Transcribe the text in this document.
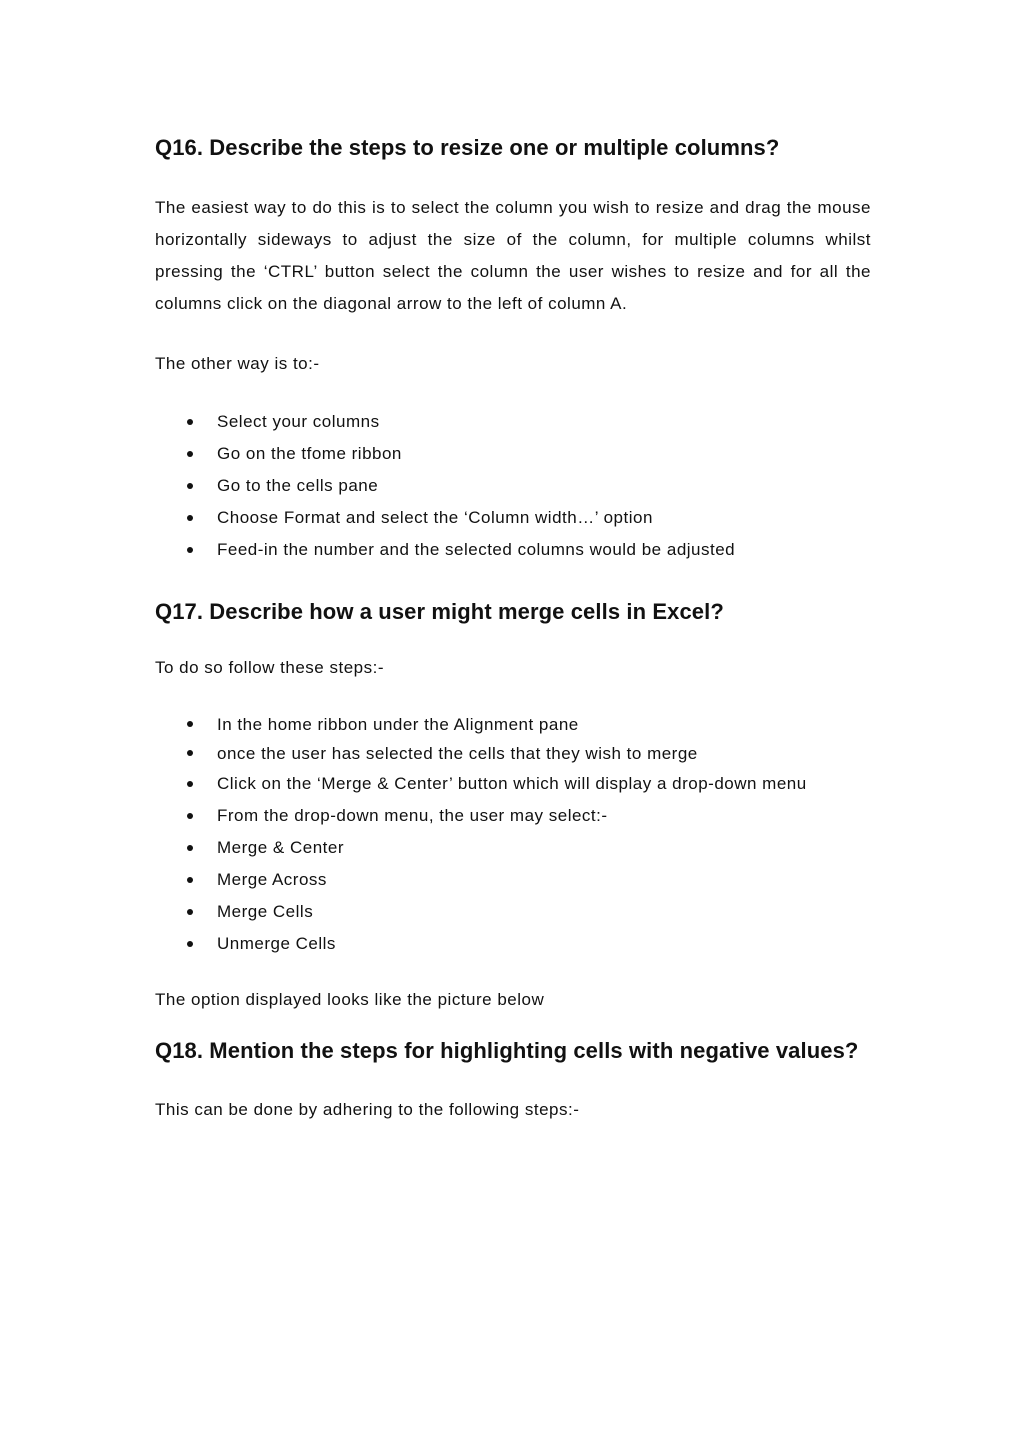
Q16. Describe the steps to resize one or multiple columns?

The easiest way to do this is to select the column you wish to resize and drag the mouse horizontally sideways to adjust the size of the column, for multiple columns whilst pressing the ‘CTRL’ button select the column the user wishes to resize and for all the columns click on the diagonal arrow to the left of column A.

The other way is to:-

Select your columns
Go on the tfome ribbon
Go to the cells pane
Choose Format and select the ‘Column width…’ option
Feed-in the number and the selected columns would be adjusted
Q17. Describe how a user might merge cells in Excel?

To do so follow these steps:-

In the home ribbon under the Alignment pane
once the user has selected the cells that they wish to merge
Click on the ‘Merge & Center’ button which will display a drop-down menu
From the drop-down menu, the user may select:-
Merge & Center
Merge Across
Merge Cells
Unmerge Cells

The option displayed looks like the picture below

Q18. Mention the steps for highlighting cells with negative values?

This can be done by adhering to the following steps:-
